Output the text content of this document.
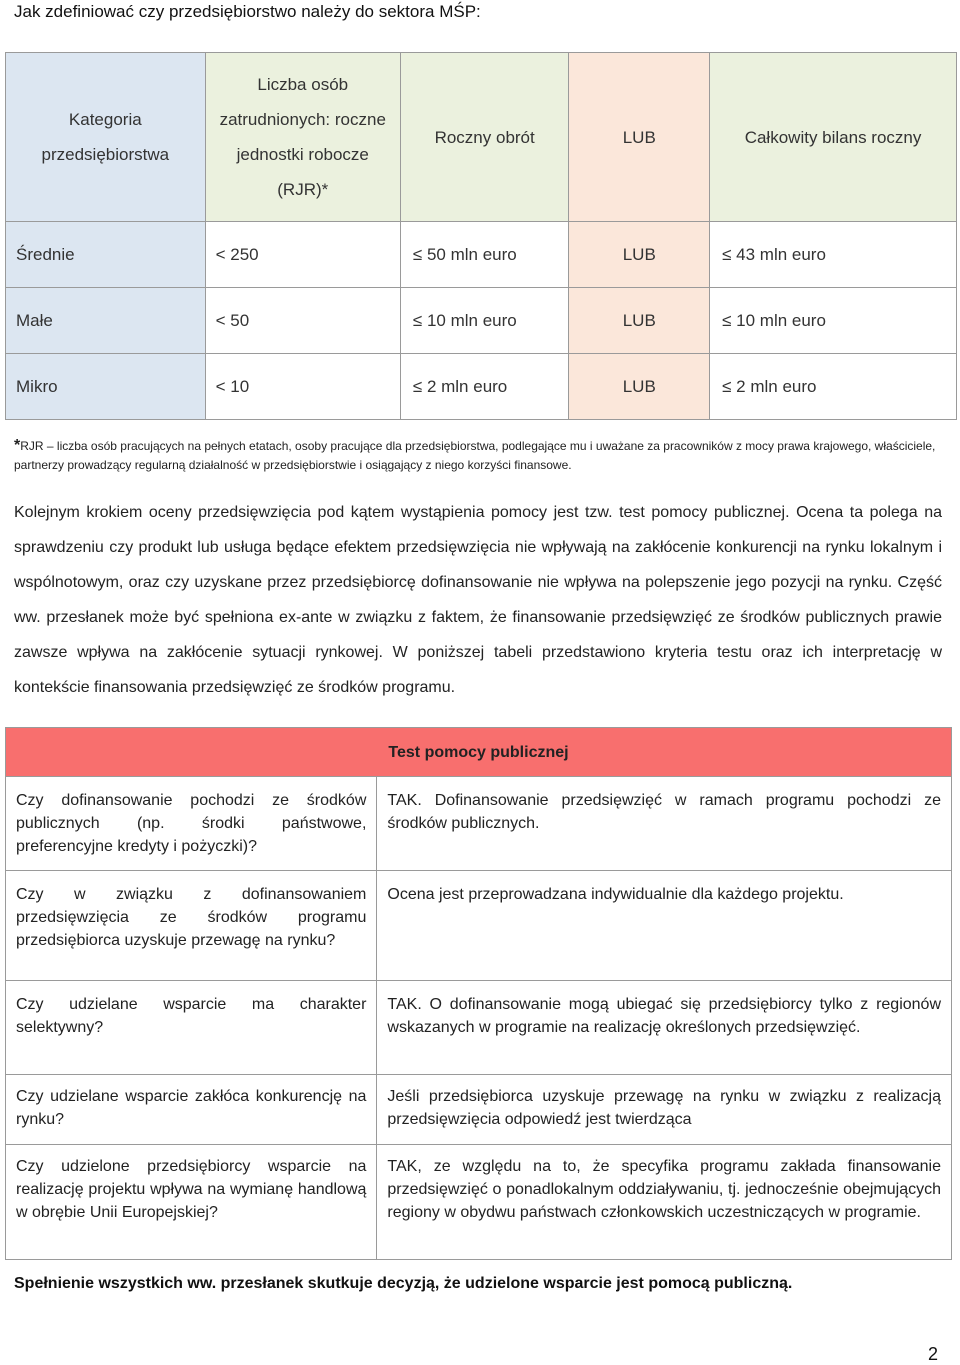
Jak zdefiniować czy przedsiębiorstwo należy do sektora MŚP:
Kategoria przedsiębiorstwa	Liczba osób zatrudnionych: roczne jednostki robocze (RJR)*	Roczny obrót	LUB	Całkowity bilans roczny
Średnie	< 250	≤ 50 mln euro	LUB	≤ 43 mln euro
Małe	< 50	≤ 10 mln euro	LUB	≤ 10 mln euro
Mikro	< 10	≤ 2 mln euro	LUB	≤ 2 mln euro
*RJR – liczba osób pracujących na pełnych etatach, osoby pracujące dla przedsiębiorstwa, podlegające mu i uważane za pracowników z mocy prawa krajowego, właściciele, partnerzy prowadzący regularną działalność w przedsiębiorstwie i osiągający z niego korzyści finansowe.
Kolejnym krokiem oceny przedsięwzięcia pod kątem wystąpienia pomocy jest tzw. test pomocy publicznej. Ocena ta polega na sprawdzeniu czy produkt lub usługa będące efektem przedsięwzięcia nie wpływają na zakłócenie konkurencji na rynku lokalnym i wspólnotowym, oraz czy uzyskane przez przedsiębiorcę dofinansowanie nie wpływa na polepszenie jego pozycji na rynku. Część ww. przesłanek może być spełniona ex-ante w związku z faktem, że finansowanie przedsięwzięć ze środków publicznych prawie zawsze wpływa na zakłócenie sytuacji rynkowej. W poniższej tabeli przedstawiono kryteria testu oraz ich interpretację w kontekście finansowania przedsięwzięć ze środków programu.
Test pomocy publicznej	
Czy dofinansowanie pochodzi ze środków publicznych (np. środki państwowe, preferencyjne kredyty i pożyczki)?	TAK. Dofinansowanie przedsięwzięć w ramach programu pochodzi ze środków publicznych.
Czy w związku z dofinansowaniem przedsięwzięcia ze środków programu przedsiębiorca uzyskuje przewagę na rynku?	Ocena jest przeprowadzana indywidualnie dla każdego projektu.
Czy udzielane wsparcie ma charakter selektywny?	TAK. O dofinansowanie mogą ubiegać się przedsiębiorcy tylko z regionów wskazanych w programie na realizację określonych przedsięwzięć.
Czy udzielane wsparcie zakłóca konkurencję na rynku?	Jeśli przedsiębiorca uzyskuje przewagę na rynku w związku z realizacją przedsięwzięcia odpowiedź jest twierdząca
Czy udzielone przedsiębiorcy wsparcie na realizację projektu wpływa na wymianę handlową w obrębie Unii Europejskiej?	TAK, ze względu na to, że specyfika programu zakłada finansowanie przedsięwzięć o ponadlokalnym oddziaływaniu, tj. jednocześnie obejmujących regiony w obydwu państwach członkowskich uczestniczących w programie.
Spełnienie wszystkich ww. przesłanek skutkuje decyzją, że udzielone wsparcie jest pomocą publiczną.
2
